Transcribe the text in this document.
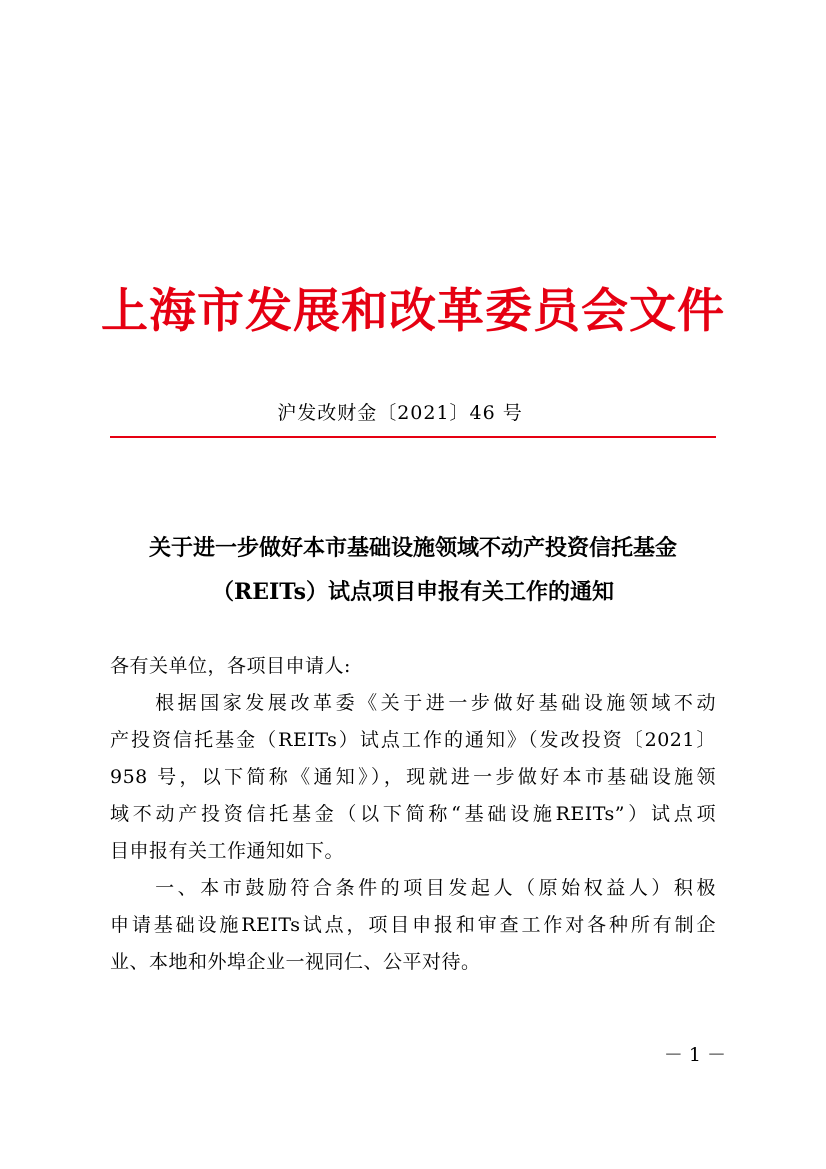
上海市发展和改革委员会文件
沪发改财金〔2021〕46 号
关于进一步做好本市基础设施领域不动产投资信托基金
（REITs）试点项目申报有关工作的通知
各有关单位，各项目申请人:
　　根据国家发展改革委《关于进一步做好基础设施领域不动
产投资信托基金（REITs）试点工作的通知》（发改投资〔2021〕
958 号，以下简称《通知》），现就进一步做好本市基础设施领
域不动产投资信托基金（以下简称“基础设施REITs”）试点项
目申报有关工作通知如下。
　　一、本市鼓励符合条件的项目发起人（原始权益人）积极
申请基础设施REITs试点，项目申报和审查工作对各种所有制企
业、本地和外埠企业一视同仁、公平对待。
－ 1 －
